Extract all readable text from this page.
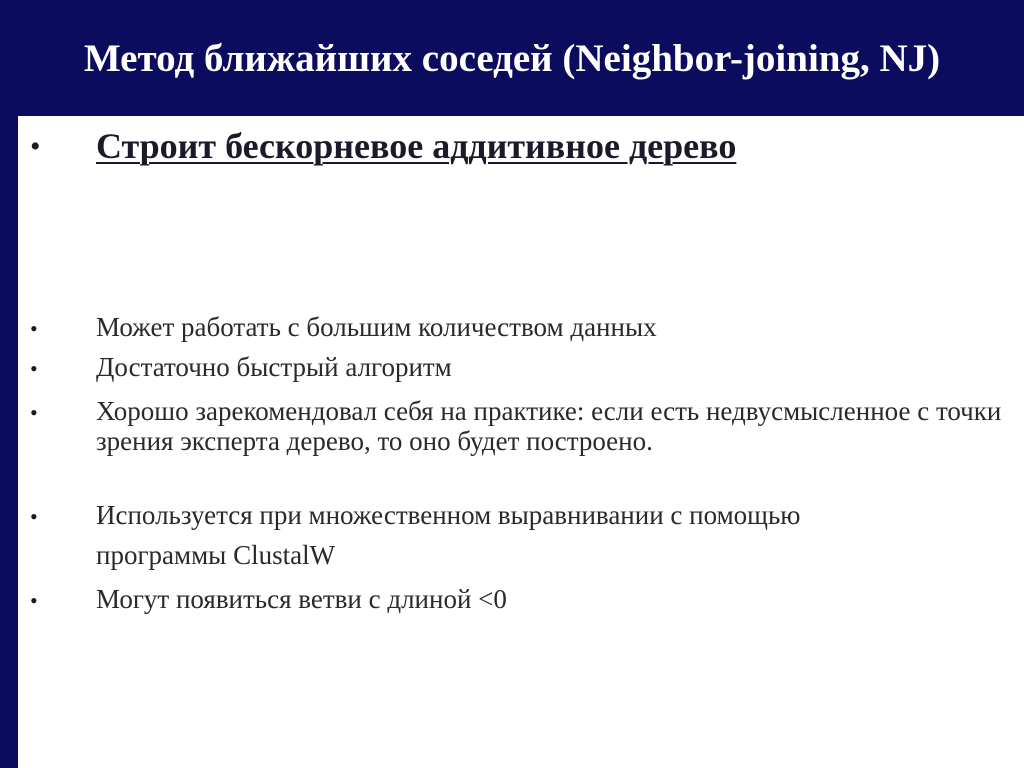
Метод ближайших соседей (Neighbor-joining, NJ)
•	Строит бескорневое аддитивное дерево
•	Может работать с большим количеством данных
•	Достаточно быстрый алгоритм
•	Хорошо зарекомендовал себя на практике: если есть недвусмысленное с точки зрения эксперта дерево, то оно будет построено.
•	Используется при множественном выравнивании с помощью
программы ClustalW
•	Могут появиться ветви с длиной <0
